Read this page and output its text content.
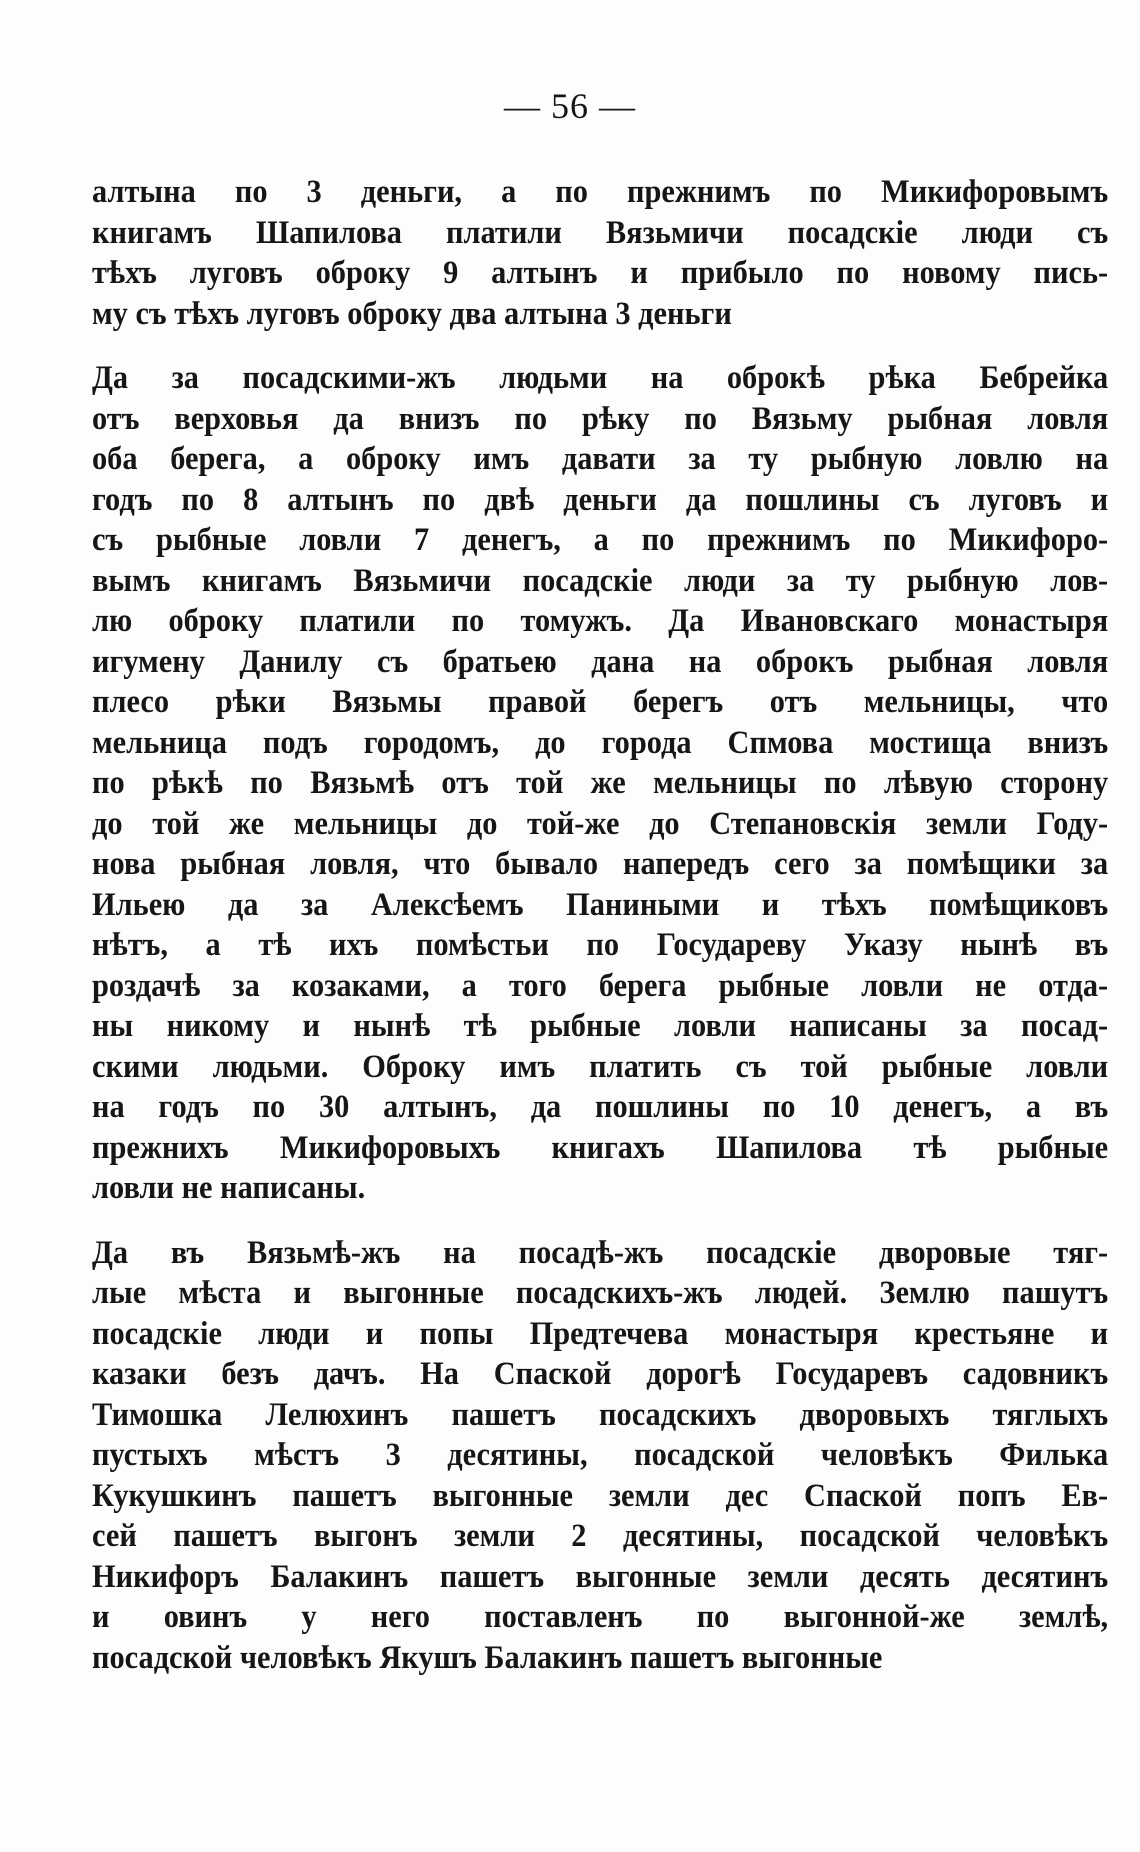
— 56 —
алтына по 3 деньги, а по прежнимъ по Микифоровымъ
книгамъ Шапилова платили Вязьмичи посадскіе люди съ
тѣхъ луговъ оброку 9 алтынъ и прибыло по новому пись-
му съ тѣхъ луговъ оброку два алтына 3 деньги
Да за посадскими-жъ людьми на оброкѣ рѣка Бебрейка
отъ верховья да внизъ по рѣку по Вязьму рыбная ловля
оба берега, а оброку имъ давати за ту рыбную ловлю на
годъ по 8 алтынъ по двѣ деньги да пошлины съ луговъ и
съ рыбные ловли 7 денегъ, а по прежнимъ по Микифоро-
вымъ книгамъ Вязьмичи посадскіе люди за ту рыбную лов-
лю оброку платили по томужъ. Да Ивановскаго монастыря
игумену Данилу съ братьею дана на оброкъ рыбная ловля
плесо рѣки Вязьмы правой берегъ отъ мельницы, что
мельница подъ городомъ, до города Спмова мостища внизъ
по рѣкѣ по Вязьмѣ отъ той же мельницы по лѣвую сторону
до той же мельницы до той-же до Степановскія земли Году-
нова рыбная ловля, что бывало напередъ сего за помѣщики за
Ильею да за Алексѣемъ Паниными и тѣхъ помѣщиковъ
нѣтъ, а тѣ ихъ помѣстьи по Государеву Указу нынѣ въ
роздачѣ за козаками, а того берега рыбные ловли не отда-
ны никому и нынѣ тѣ рыбные ловли написаны за посад-
скими людьми. Оброку имъ платить съ той рыбные ловли
на годъ по 30 алтынъ, да пошлины по 10 денегъ, а въ
прежнихъ Микифоровыхъ книгахъ Шапилова тѣ рыбные
ловли не написаны.
Да въ Вязьмѣ-жъ на посадѣ-жъ посадскіе дворовые тяг-
лые мѣста и выгонные посадскихъ-жъ людей. Землю пашутъ
посадскіе люди и попы Предтечева монастыря крестьяне и
казаки безъ дачъ. На Спаской дорогѣ Государевъ садовникъ
Тимошка Лелюхинъ пашетъ посадскихъ дворовыхъ тяглыхъ
пустыхъ мѣстъ 3 десятины, посадской человѣкъ Филька
Кукушкинъ пашетъ выгонные земли дес Спаской попъ Ев-
сей пашетъ выгонъ земли 2 десятины, посадской человѣкъ
Никифоръ Балакинъ пашетъ выгонные земли десять десятинъ
и овинъ у него поставленъ по выгонной-же землѣ,
посадской человѣкъ Якушъ Балакинъ пашетъ выгонные
